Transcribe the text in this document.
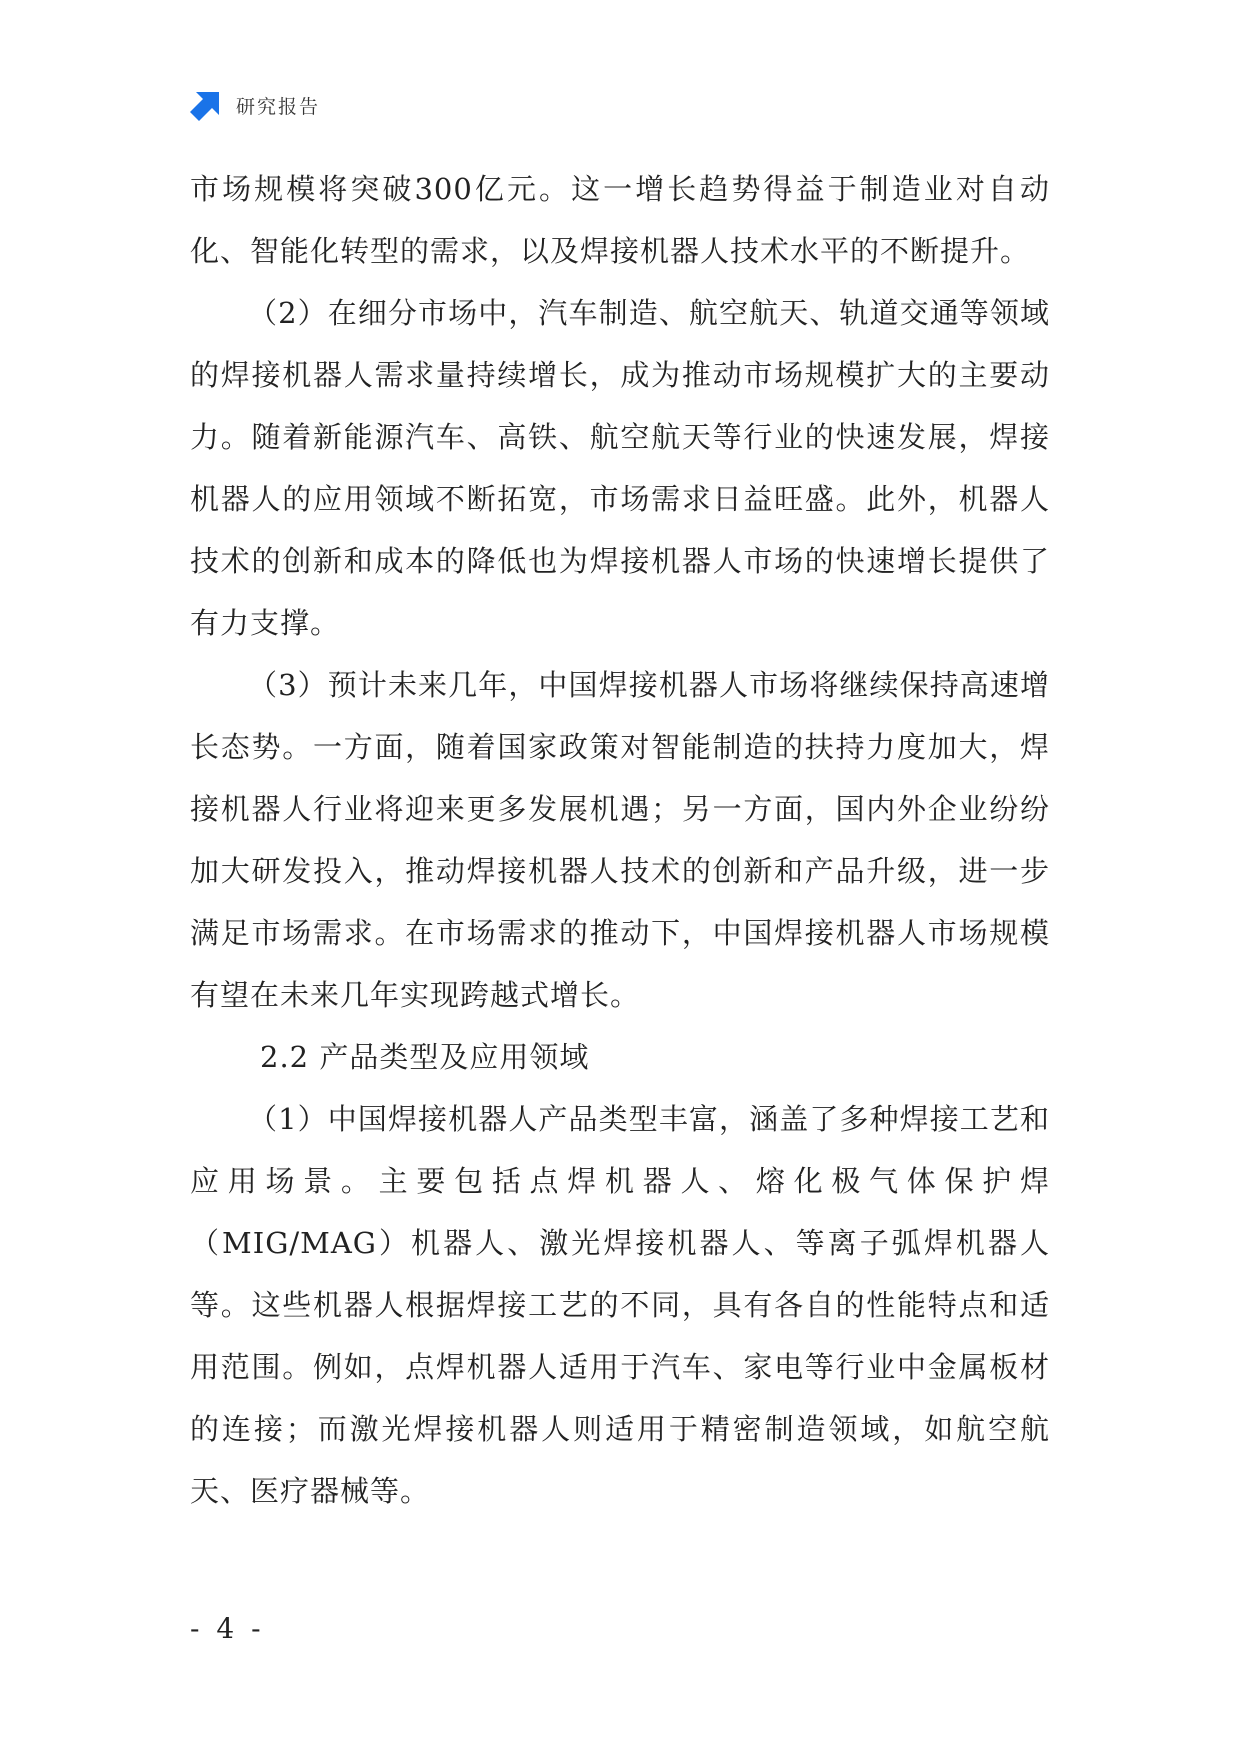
研究报告

市场规模将突破300亿元。这一增长趋势得益于制造业对自动化、智能化转型的需求，以及焊接机器人技术水平的不断提升。

（2）在细分市场中，汽车制造、航空航天、轨道交通等领域的焊接机器人需求量持续增长，成为推动市场规模扩大的主要动力。随着新能源汽车、高铁、航空航天等行业的快速发展，焊接机器人的应用领域不断拓宽，市场需求日益旺盛。此外，机器人技术的创新和成本的降低也为焊接机器人市场的快速增长提供了有力支撑。

（3）预计未来几年，中国焊接机器人市场将继续保持高速增长态势。一方面，随着国家政策对智能制造的扶持力度加大，焊接机器人行业将迎来更多发展机遇；另一方面，国内外企业纷纷加大研发投入，推动焊接机器人技术的创新和产品升级，进一步满足市场需求。在市场需求的推动下，中国焊接机器人市场规模有望在未来几年实现跨越式增长。

2.2 产品类型及应用领域

（1）中国焊接机器人产品类型丰富，涵盖了多种焊接工艺和应用场景。主要包括点焊机器人、熔化极气体保护焊（MIG/MAG）机器人、激光焊接机器人、等离子弧焊机器人等。这些机器人根据焊接工艺的不同，具有各自的性能特点和适用范围。例如，点焊机器人适用于汽车、家电等行业中金属板材的连接；而激光焊接机器人则适用于精密制造领域，如航空航天、医疗器械等。

- 4 -
